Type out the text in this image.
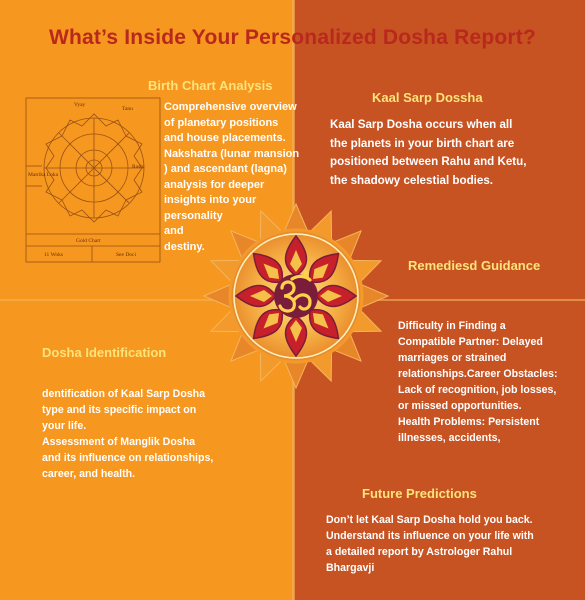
What’s Inside Your Personalized Dosha Report?
Vyay
Tanu
Matrika Loka
Rashi
Gold Chart
11 Woks	See Doci
Birth Chart Analysis
Comprehensive overview
of planetary positions
and house placements.
Nakshatra (lunar mansion
) and ascendant (lagna)
analysis for deeper
insights into your
personality
and
destiny.
Kaal Sarp Dossha
Kaal Sarp Dosha occurs when all
the planets in your birth chart are
positioned between Rahu and Ketu,
the shadowy celestial bodies.
Remediesd Guidance
Difficulty in Finding a
Compatible Partner: Delayed
marriages or strained
relationships.Career Obstacles:
Lack of recognition, job losses,
or missed opportunities.
Health Problems: Persistent
illnesses, accidents,
Dosha Identification
dentification of Kaal Sarp Dosha
type and its specific impact on
your life.
Assessment of Manglik Dosha
and its influence on relationships,
career, and health.
Future Predictions
Don’t let Kaal Sarp Dosha hold you back.
Understand its influence on your life with
a detailed report by Astrologer Rahul
Bhargavji
